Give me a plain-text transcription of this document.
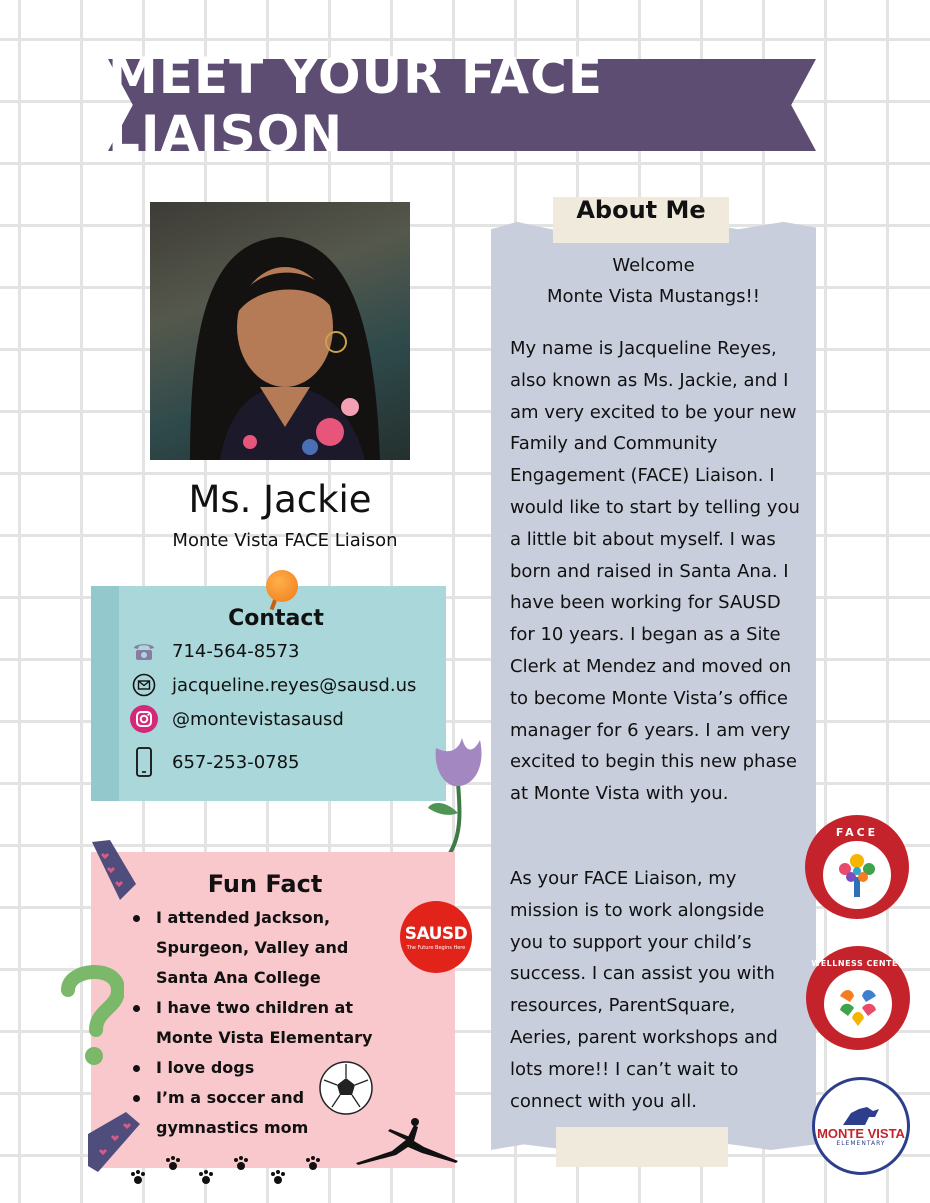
MEET YOUR FACE LIAISON
Ms. Jackie
Monte Vista FACE Liaison
Contact
714-564-8573
jacqueline.reyes@sausd.us
@montevistasausd
657-253-0785
About Me
Welcome
Monte Vista Mustangs!!
My name is Jacqueline Reyes, also known as Ms. Jackie, and I am very excited to be your new Family and Community Engagement (FACE) Liaison. I would like to start by telling you a little bit about myself. I was born and raised in Santa Ana. I have been working for SAUSD for 10 years. I began as a Site Clerk at Mendez and moved on to become Monte Vista’s office manager for 6 years. I am very excited to begin this new phase at Monte Vista with you.
As your FACE Liaison, my mission is to work alongside you to support your child’s success. I can assist you with resources, ParentSquare, Aeries, parent workshops and lots more!! I can’t wait to connect with you all.
Fun Fact
I attended Jackson, Spurgeon, Valley and Santa Ana College
I have two children at Monte Vista Elementary
I love dogs
I’m a soccer and gymnastics mom
SAUSD
The Future Begins Here
FACE
WELLNESS CENTER
MONTE VISTA
ELEMENTARY
